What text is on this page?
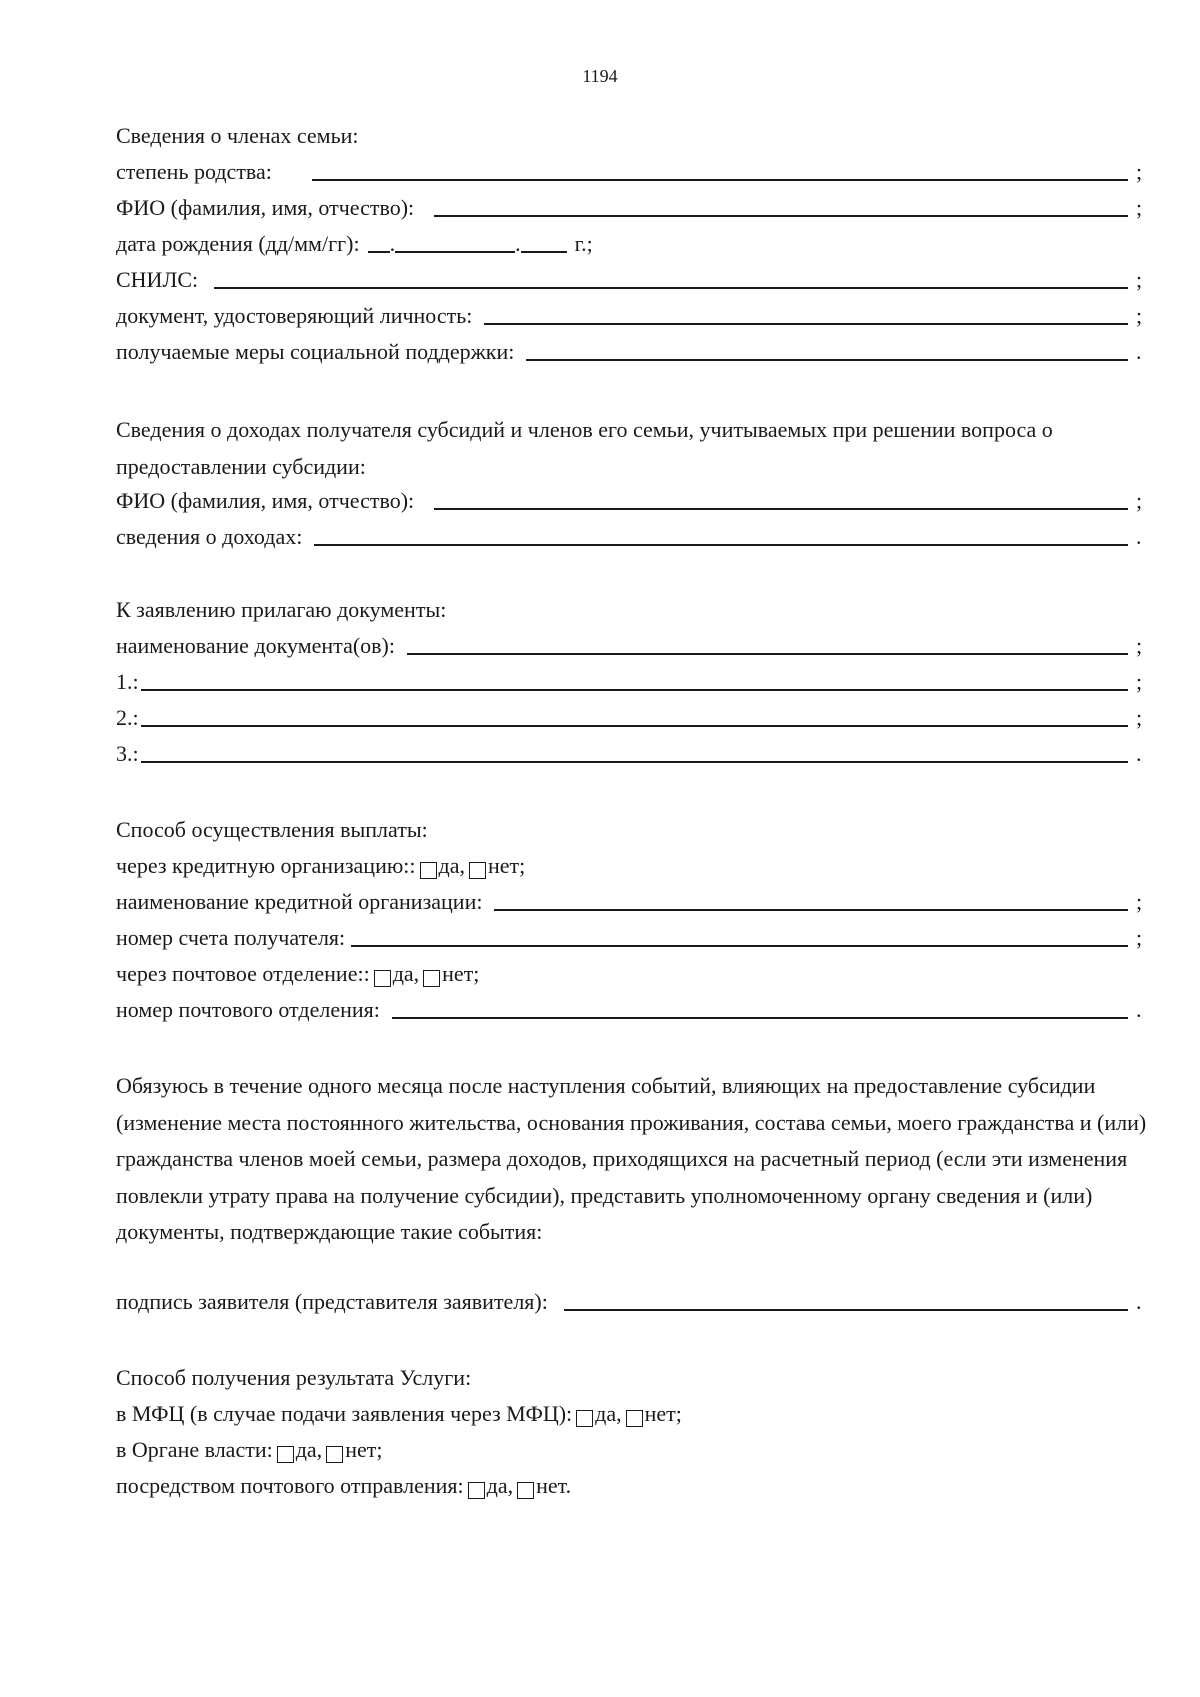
1194
Сведения о членах семьи:
степень родства:	;
ФИО (фамилия, имя, отчество):	;
дата рождения (дд/мм/гг): .	. г.;
СНИЛС:	;
документ, удостоверяющий личность:	;
получаемые меры социальной поддержки:	.
Сведения о доходах получателя субсидий и членов его семьи, учитываемых при решении вопроса о предоставлении субсидии:
ФИО (фамилия, имя, отчество):	;
сведения о доходах:	.
К заявлению прилагаю документы:
наименование документа(ов):	;
1.:	;
2.:	;
3.:	.
Способ осуществления выплаты:
через кредитную организацию:: да, нет;
наименование кредитной организации:	;
номер счета получателя:	;
через почтовое отделение:: да, нет;
номер почтового отделения:	.
Обязуюсь в течение одного месяца после наступления событий, влияющих на предоставление субсидии (изменение места постоянного жительства, основания проживания, состава семьи, моего гражданства и (или) гражданства членов моей семьи, размера доходов, приходящихся на расчетный период (если эти изменения повлекли утрату права на получение субсидии), представить уполномоченному органу сведения и (или) документы, подтверждающие такие события:
подпись заявителя (представителя заявителя):	.
Способ получения результата Услуги:
в МФЦ (в случае подачи заявления через МФЦ): да, нет;
в Органе власти: да, нет;
посредством почтового отправления: да, нет.
